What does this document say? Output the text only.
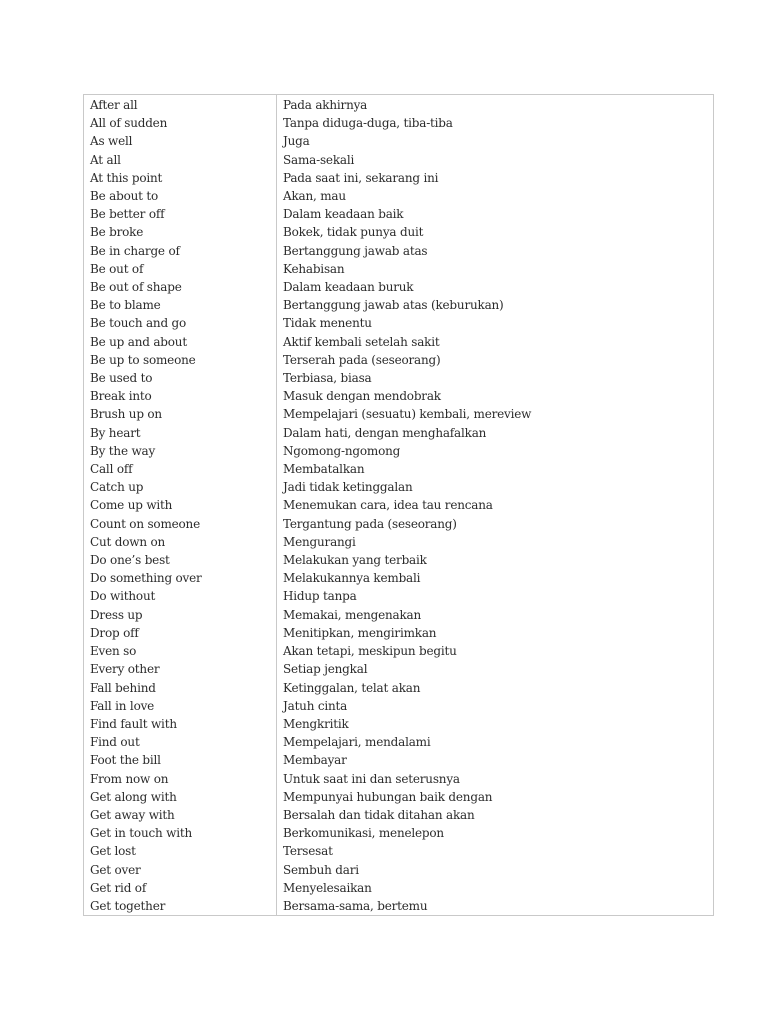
After all	Pada akhirnya
All of sudden	Tanpa diduga-duga, tiba-tiba
As well	Juga
At all	Sama-sekali
At this point	Pada saat ini, sekarang ini
Be about to	Akan, mau
Be better off	Dalam keadaan baik
Be broke	Bokek, tidak punya duit
Be in charge of	Bertanggung jawab atas
Be out of	Kehabisan
Be out of shape	Dalam keadaan buruk
Be to blame	Bertanggung jawab atas (keburukan)
Be touch and go	Tidak menentu
Be up and about	Aktif kembali setelah sakit
Be up to someone	Terserah pada (seseorang)
Be used to	Terbiasa, biasa
Break into	Masuk dengan mendobrak
Brush up on	Mempelajari (sesuatu) kembali, mereview
By heart	Dalam hati, dengan menghafalkan
By the way	Ngomong-ngomong
Call off	Membatalkan
Catch up	Jadi tidak ketinggalan
Come up with	Menemukan cara, idea tau rencana
Count on someone	Tergantung pada (seseorang)
Cut down on	Mengurangi
Do one’s best	Melakukan yang terbaik
Do something over	Melakukannya kembali
Do without	Hidup tanpa
Dress up	Memakai, mengenakan
Drop off	Menitipkan, mengirimkan
Even so	Akan tetapi, meskipun begitu
Every other	Setiap jengkal
Fall behind	Ketinggalan, telat akan
Fall in love	Jatuh cinta
Find fault with	Mengkritik
Find out	Mempelajari, mendalami
Foot the bill	Membayar
From now on	Untuk saat ini dan seterusnya
Get along with	Mempunyai hubungan baik dengan
Get away with	Bersalah dan tidak ditahan akan
Get in touch with	Berkomunikasi, menelepon
Get lost	Tersesat
Get over	Sembuh dari
Get rid of	Menyelesaikan
Get together	Bersama-sama, bertemu
